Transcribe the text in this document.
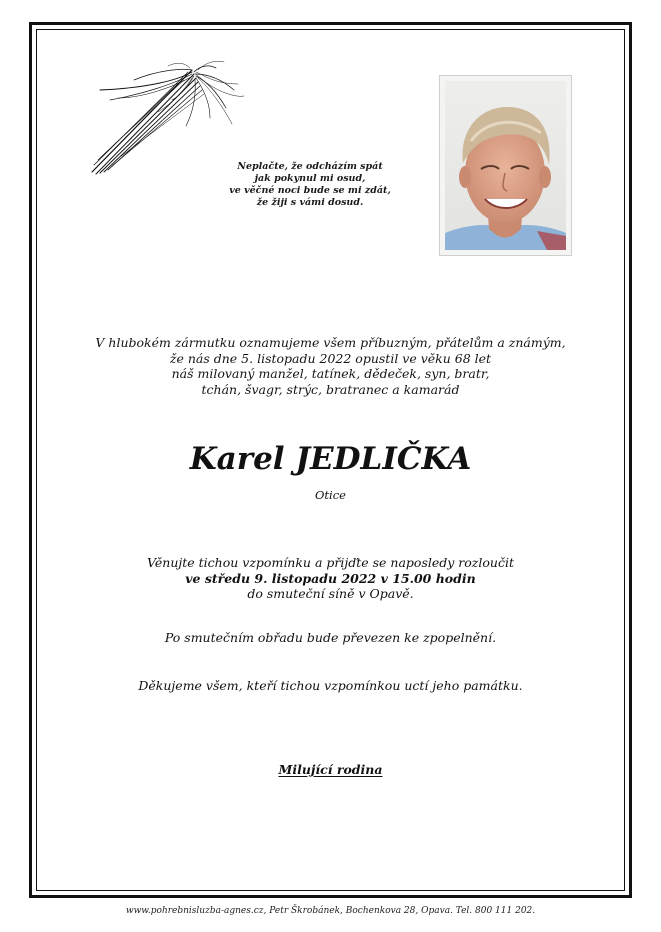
Neplačte, že odcházím spát
jak pokynul mi osud,
ve věčné noci bude se mi zdát,
že žiji s vámi dosud.
V hlubokém zármutku oznamujeme všem příbuzným, přátelům a známým,
že nás dne 5. listopadu 2022 opustil ve věku 68 let
náš milovaný manžel, tatínek, dědeček, syn, bratr,
tchán, švagr, strýc, bratranec a kamarád
Karel JEDLIČKA
Otice
Věnujte tichou vzpomínku a přijďte se naposledy rozloučit
ve středu 9. listopadu 2022 v 15.00 hodin
do smuteční síně v Opavě.
Po smutečním obřadu bude převezen ke zpopelnění.
Děkujeme všem, kteří tichou vzpomínkou uctí jeho památku.
Milující rodina
www.pohrebnisluzba-agnes.cz, Petr Škrobánek, Bochenkova 28, Opava. Tel. 800 111 202.
